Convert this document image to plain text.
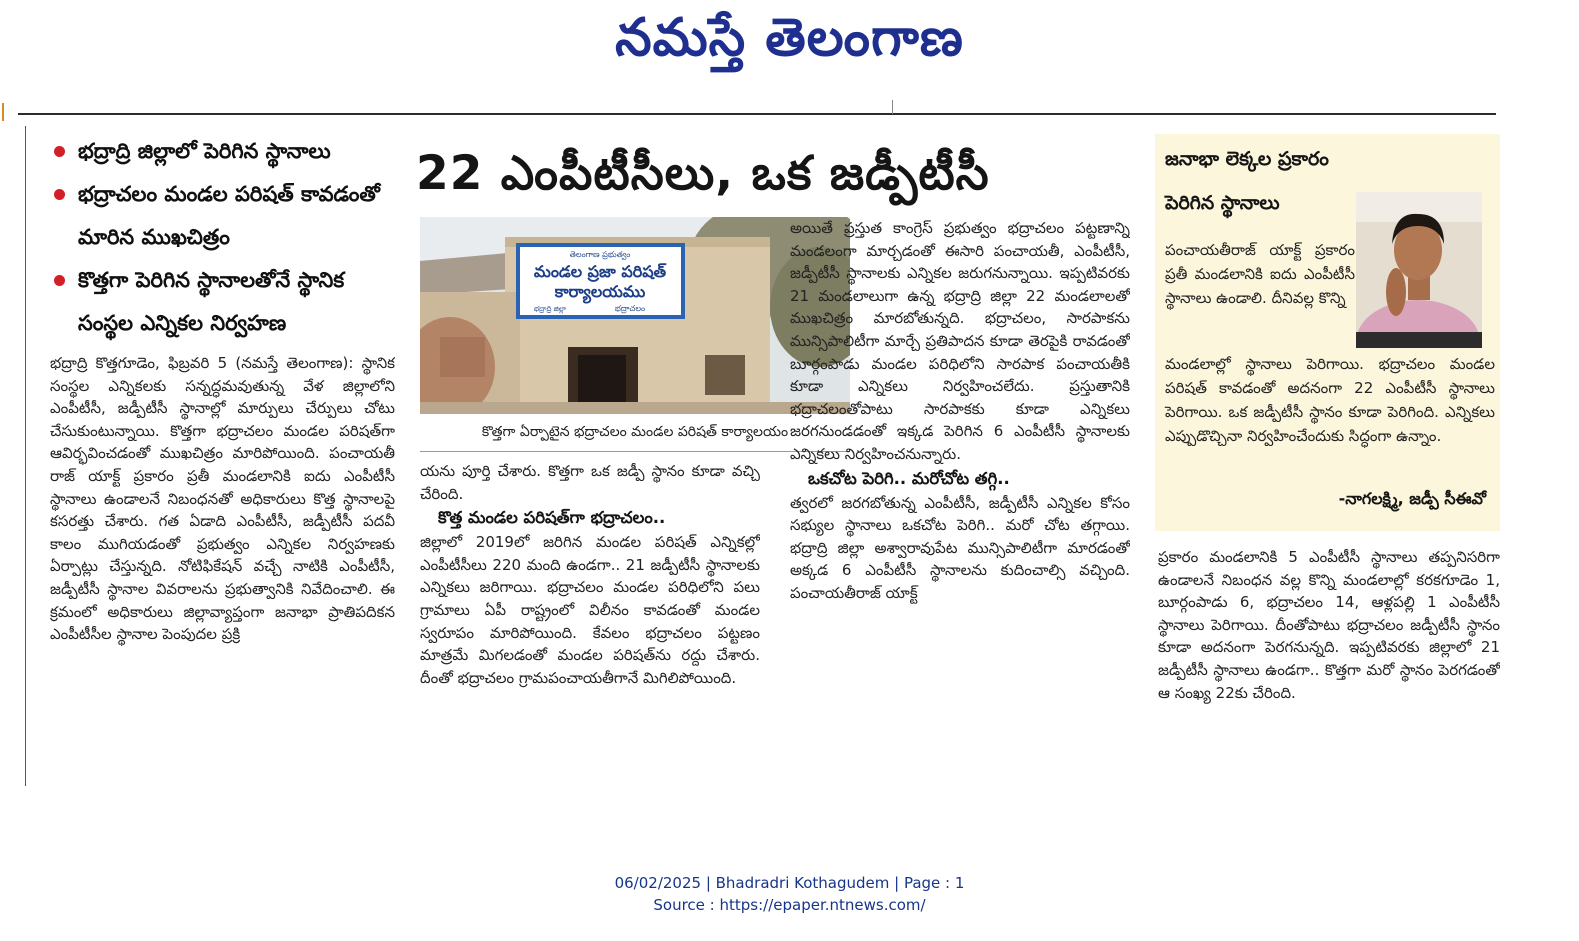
నమస్తే తెలంగాణ
భద్రాద్రి జిల్లాలో పెరిగిన స్థానాలు
భద్రాచలం మండల పరిషత్ కావడంతో మారిన ముఖచిత్రం
కొత్తగా పెరిగిన స్థానాలతోనే స్థానిక సంస్థల ఎన్నికల నిర్వహణ

భద్రాద్రి కొత్తగూడెం, ఫిబ్రవరి 5 (నమస్తే తెలంగాణ): స్థానిక సంస్థల ఎన్నికలకు సన్నద్ధమవుతున్న వేళ జిల్లాలోని ఎంపీటీసీ, జడ్పీటీసీ స్థానాల్లో మార్పులు చేర్పులు చోటు చేసుకుంటున్నాయి. కొత్తగా భద్రాచలం మండల పరిషత్‌గా ఆవిర్భవించడంతో ముఖచిత్రం మారిపోయింది. పంచాయతీ రాజ్ యాక్ట్ ప్రకారం ప్రతీ మండలానికి ఐదు ఎంపీటీసీ స్థానాలు ఉండాలనే నిబంధనతో అధికారులు కొత్త స్థానాలపై కసరత్తు చేశారు. గత ఏడాది ఎంపీటీసీ, జడ్పీటీసీ పదవీ కాలం ముగియడంతో ప్రభుత్వం ఎన్నికల నిర్వహణకు ఏర్పాట్లు చేస్తున్నది. నోటిఫికేషన్ వచ్చే నాటికి ఎంపీటీసీ, జడ్పీటీసీ స్థానాల వివరాలను ప్రభుత్వానికి నివేదించాలి. ఈ క్రమంలో అధికారులు జిల్లావ్యాప్తంగా జనాభా ప్రాతిపదికన ఎంపీటీసీల స్థానాల పెంపుదల ప్రక్రి

22 ఎంపీటీసీలు, ఒక జడ్పీటీసీ
తెలంగాణ ప్రభుత్వం
మండల ప్రజా పరిషత్
కార్యాలయము
భద్రాద్రి జిల్లా	భద్రాచలం
కొత్తగా ఏర్పాటైన భద్రాచలం మండల పరిషత్ కార్యాలయం

యను పూర్తి చేశారు. కొత్తగా ఒక జడ్పీ స్థానం కూడా వచ్చి చేరింది.

కొత్త మండల పరిషత్‌గా భద్రాచలం..

జిల్లాలో 2019లో జరిగిన మండల పరిషత్ ఎన్నికల్లో ఎంపీటీసీలు 220 మంది ఉండగా.. 21 జడ్పీటీసీ స్థానాలకు ఎన్నికలు జరిగాయి. భద్రాచలం మండల పరిధిలోని పలు గ్రామాలు ఏపీ రాష్ట్రంలో విలీనం కావడంతో మండల స్వరూపం మారిపోయింది. కేవలం భద్రాచలం పట్టణం మాత్రమే మిగలడంతో మండల పరిషత్‌ను రద్దు చేశారు. దీంతో భద్రాచలం గ్రామపంచాయతీగానే మిగిలిపోయింది.

అయితే ప్రస్తుత కాంగ్రెస్ ప్రభుత్వం భద్రాచలం పట్టణాన్ని మండలంగా మార్చడంతో ఈసారి పంచాయతీ, ఎంపీటీసీ, జడ్పీటీసీ స్థానాలకు ఎన్నికల జరుగనున్నాయి. ఇప్పటివరకు 21 మండలాలుగా ఉన్న భద్రాద్రి జిల్లా 22 మండలాలతో ముఖచిత్రం మారబోతున్నది. భద్రాచలం, సారపాకను మున్సిపాలిటీగా మార్చే ప్రతిపాదన కూడా తెరపైకి రావడంతో బూర్గంపాడు మండల పరిధిలోని సారపాక పంచాయతీకి కూడా ఎన్నికలు నిర్వహించలేదు. ప్రస్తుతానికి భద్రాచలంతోపాటు సారపాకకు కూడా ఎన్నికలు జరగనుండడంతో ఇక్కడ పెరిగిన 6 ఎంపీటీసీ స్థానాలకు ఎన్నికలు నిర్వహించనున్నారు.

ఒకచోట పెరిగి.. మరోచోట తగ్గి..

త్వరలో జరగబోతున్న ఎంపీటీసీ, జడ్పీటీసీ ఎన్నికల కోసం సభ్యుల స్థానాలు ఒకచోట పెరిగి.. మరో చోట తగ్గాయి. భద్రాద్రి జిల్లా అశ్వారావుపేట మున్సిపాలిటీగా మారడంతో అక్కడ 6 ఎంపీటీసీ స్థానాలను కుదించాల్సి వచ్చింది. పంచాయతీరాజ్ యాక్ట్

జనాభా లెక్కల ప్రకారం
పెరిగిన స్థానాలు

పంచాయతీరాజ్ యాక్ట్ ప్రకారం ప్రతీ మండలానికి ఐదు ఎంపీటీసీ స్థానాలు ఉండాలి. దీనివల్ల కొన్ని

మండలాల్లో స్థానాలు పెరిగాయి. భద్రాచలం మండల పరిషత్ కావడంతో అదనంగా 22 ఎంపీటీసీ స్థానాలు పెరిగాయి. ఒక జడ్పీటీసీ స్థానం కూడా పెరిగింది. ఎన్నికలు ఎప్పుడొచ్చినా నిర్వహించేందుకు సిద్ధంగా ఉన్నాం.

-నాగలక్ష్మి, జడ్పీ సీఈవో

ప్రకారం మండలానికి 5 ఎంపీటీసీ స్థానాలు తప్పనిసరిగా ఉండాలనే నిబంధన వల్ల కొన్ని మండలాల్లో కరకగూడెం 1, బూర్గంపాడు 6, భద్రాచలం 14, ఆళ్లపల్లి 1 ఎంపీటీసీ స్థానాలు పెరిగాయి. దీంతోపాటు భద్రాచలం జడ్పీటీసీ స్థానం కూడా అదనంగా పెరగనున్నది. ఇప్పటివరకు జిల్లాలో 21 జడ్పీటీసీ స్థానాలు ఉండగా.. కొత్తగా మరో స్థానం పెరగడంతో ఆ సంఖ్య 22కు చేరింది.

06/02/2025 | Bhadradri Kothagudem | Page : 1
Source : https://epaper.ntnews.com/
